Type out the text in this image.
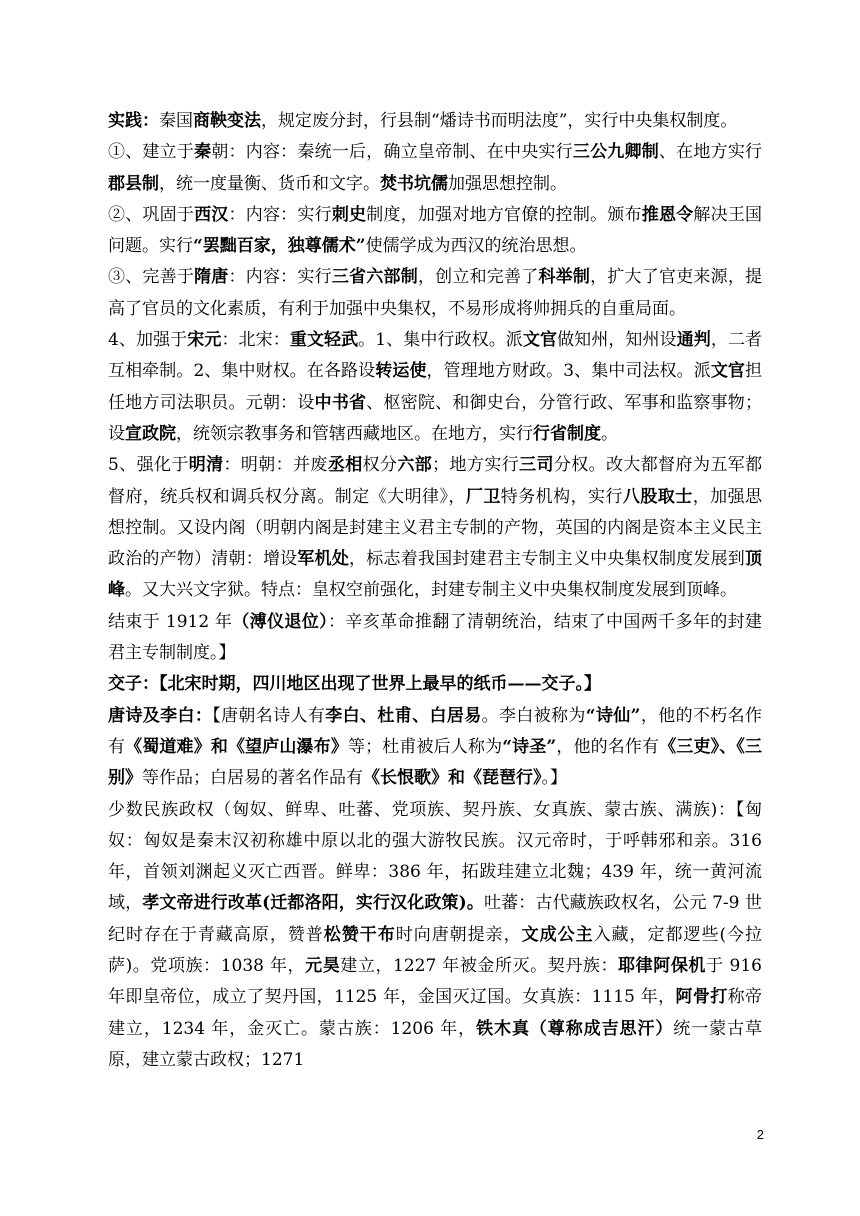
实践：秦国商鞅变法，规定废分封，行县制“燔诗书而明法度”，实行中央集权制度。

①、建立于秦朝：内容：秦统一后，确立皇帝制、在中央实行三公九卿制、在地方实行郡县制，统一度量衡、货币和文字。焚书坑儒加强思想控制。

②、巩固于西汉：内容：实行刺史制度，加强对地方官僚的控制。颁布推恩令解决王国问题。实行“罢黜百家，独尊儒术”使儒学成为西汉的统治思想。

③、完善于隋唐：内容：实行三省六部制，创立和完善了科举制，扩大了官吏来源，提高了官员的文化素质，有利于加强中央集权，不易形成将帅拥兵的自重局面。

4、加强于宋元：北宋：重文轻武。1、集中行政权。派文官做知州，知州设通判，二者互相牵制。2、集中财权。在各路设转运使，管理地方财政。3、集中司法权。派文官担任地方司法职员。元朝：设中书省、枢密院、和御史台，分管行政、军事和监察事物；设宣政院，统领宗教事务和管辖西藏地区。在地方，实行行省制度。

5、强化于明清：明朝：并废丞相权分六部；地方实行三司分权。改大都督府为五军都督府，统兵权和调兵权分离。制定《大明律》，厂卫特务机构，实行八股取士，加强思想控制。又设内阁（明朝内阁是封建主义君主专制的产物，英国的内阁是资本主义民主政治的产物）清朝：增设军机处，标志着我国封建君主专制主义中央集权制度发展到顶峰。又大兴文字狱。特点：皇权空前强化，封建专制主义中央集权制度发展到顶峰。

结束于 1912 年（溥仪退位）：辛亥革命推翻了清朝统治，结束了中国两千多年的封建君主专制制度。】

交子：【北宋时期，四川地区出现了世界上最早的纸币——交子。】

唐诗及李白：【唐朝名诗人有李白、杜甫、白居易。李白被称为“诗仙”，他的不朽名作有《蜀道难》和《望庐山瀑布》等；杜甫被后人称为“诗圣”，他的名作有《三吏》、《三别》等作品；白居易的著名作品有《长恨歌》和《琵琶行》。】

少数民族政权（匈奴、鲜卑、吐蕃、党项族、契丹族、女真族、蒙古族、满族)：【匈奴：匈奴是秦末汉初称雄中原以北的强大游牧民族。汉元帝时，于呼韩邪和亲。316 年，首领刘渊起义灭亡西晋。鲜卑：386 年，拓跋珪建立北魏；439 年，统一黄河流域，孝文帝进行改革(迁都洛阳，实行汉化政策)。吐蕃：古代藏族政权名，公元 7-9 世纪时存在于青藏高原，赞普松赞干布时向唐朝提亲，文成公主入藏，定都逻些(今拉萨)。党项族：1038 年，元昊建立，1227 年被金所灭。契丹族：耶律阿保机于 916 年即皇帝位，成立了契丹国，1125 年，金国灭辽国。女真族：1115 年，阿骨打称帝建立，1234 年，金灭亡。蒙古族：1206 年，铁木真（尊称成吉思汗）统一蒙古草原，建立蒙古政权；1271

2
